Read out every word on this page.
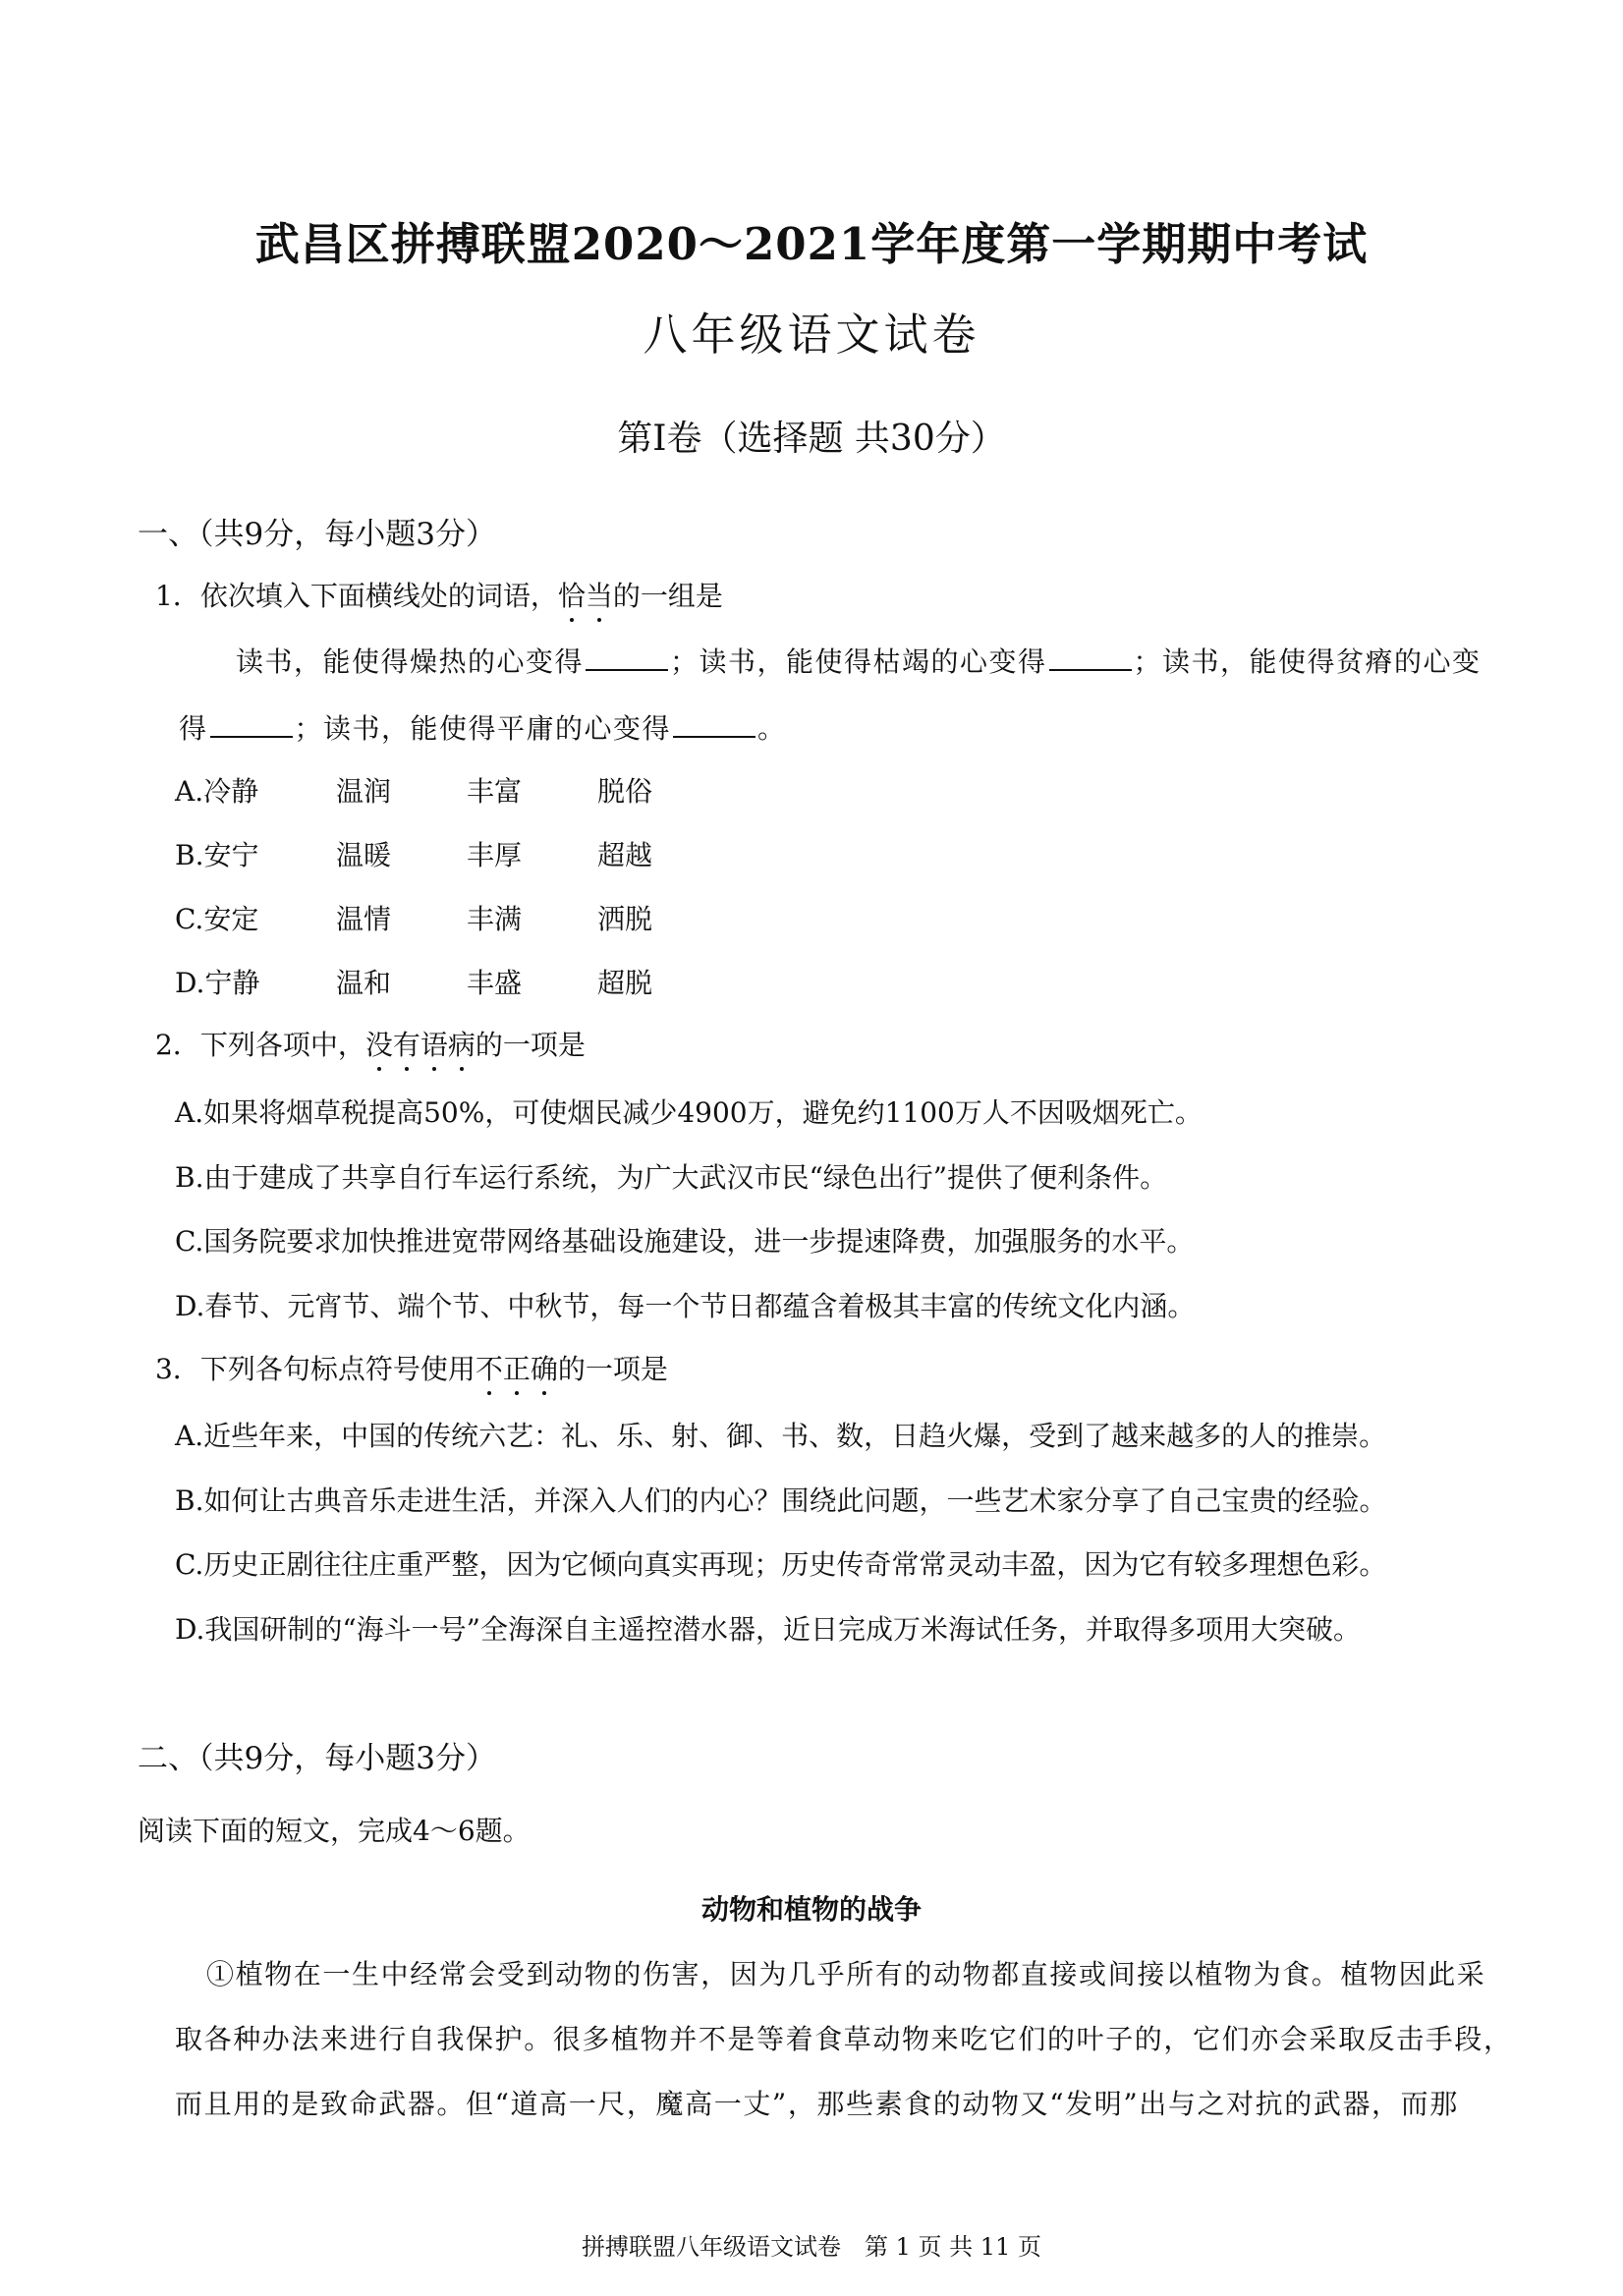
武昌区拼搏联盟2020～2021学年度第一学期期中考试
八年级语文试卷
第Ⅰ卷（选择题 共30分）
一、（共9分，每小题3分）
1．依次填入下面横线处的词语，恰当的一组是
读书，能使得燥热的心变得	；读书，能使得枯竭的心变得	；读书，能使得贫瘠的心变
得	；读书，能使得平庸的心变得	。
A.冷静	温润	丰富	脱俗
B.安宁	温暖	丰厚	超越
C.安定	温情	丰满	洒脱
D.宁静	温和	丰盛	超脱
2．下列各项中，没有语病的一项是
A.如果将烟草税提高50%，可使烟民减少4900万，避免约1100万人不因吸烟死亡。
B.由于建成了共享自行车运行系统，为广大武汉市民“绿色出行”提供了便利条件。
C.国务院要求加快推进宽带网络基础设施建设，进一步提速降费，加强服务的水平。
D.春节、元宵节、端个节、中秋节，每一个节日都蕴含着极其丰富的传统文化内涵。
3．下列各句标点符号使用不正确的一项是
A.近些年来，中国的传统六艺：礼、乐、射、御、书、数，日趋火爆，受到了越来越多的人的推崇。
B.如何让古典音乐走进生活，并深入人们的内心？围绕此问题，一些艺术家分享了自己宝贵的经验。
C.历史正剧往往庄重严整，因为它倾向真实再现；历史传奇常常灵动丰盈，因为它有较多理想色彩。
D.我国研制的“海斗一号”全海深自主遥控潜水器，近日完成万米海试任务，并取得多项用大突破。
二、（共9分，每小题3分）
阅读下面的短文，完成4～6题。
动物和植物的战争
①植物在一生中经常会受到动物的伤害，因为几乎所有的动物都直接或间接以植物为食。植物因此采
取各种办法来进行自我保护。很多植物并不是等着食草动物来吃它们的叶子的，它们亦会采取反击手段，
而且用的是致命武器。但“道高一尺，魔高一丈”，那些素食的动物又“发明”出与之对抗的武器，而那
拼搏联盟八年级语文试卷　第 1 页 共 11 页
